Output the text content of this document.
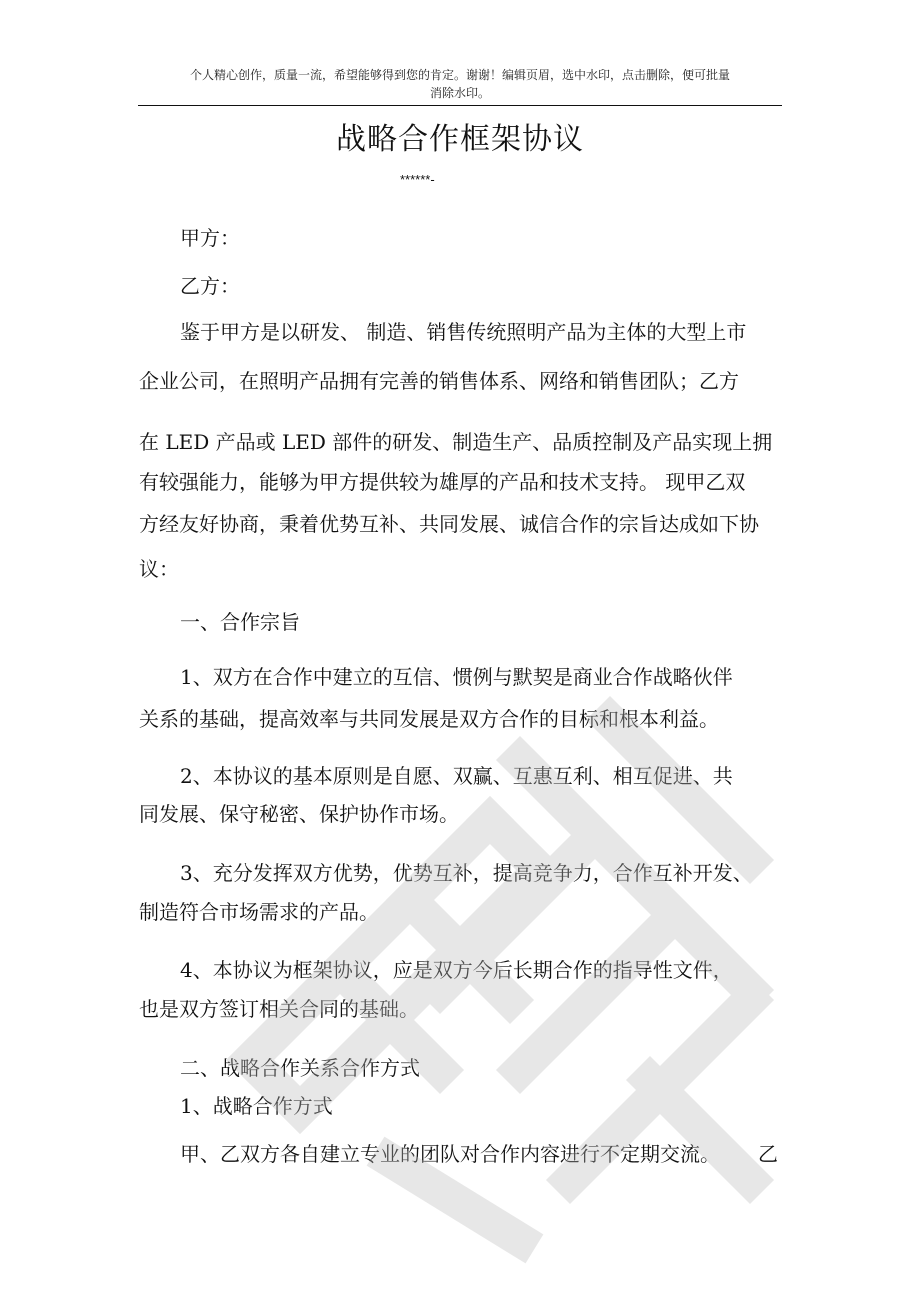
个人精心创作，质量一流，希望能够得到您的肯定。谢谢！编辑页眉，选中水印，点击删除，便可批量
消除水印。
战略合作框架协议
******-
甲方：
乙方：
鉴于甲方是以研发、 制造、销售传统照明产品为主体的大型上市
企业公司，在照明产品拥有完善的销售体系、网络和销售团队；乙方
在 LED 产品或 LED 部件的研发、制造生产、品质控制及产品实现上拥
有较强能力，能够为甲方提供较为雄厚的产品和技术支持。 现甲乙双
方经友好协商，秉着优势互补、共同发展、诚信合作的宗旨达成如下协
议：
一、合作宗旨
1、双方在合作中建立的互信、惯例与默契是商业合作战略伙伴
关系的基础，提高效率与共同发展是双方合作的目标和根本利益。
2、本协议的基本原则是自愿、双赢、互惠互利、相互促进、共
同发展、保守秘密、保护协作市场。
3、充分发挥双方优势，优势互补，提高竞争力，合作互补开发、
制造符合市场需求的产品。
4、本协议为框架协议，应是双方今后长期合作的指导性文件，
也是双方签订相关合同的基础。
二、战略合作关系合作方式
1、战略合作方式
甲、乙双方各自建立专业的团队对合作内容进行不定期交流。 乙
